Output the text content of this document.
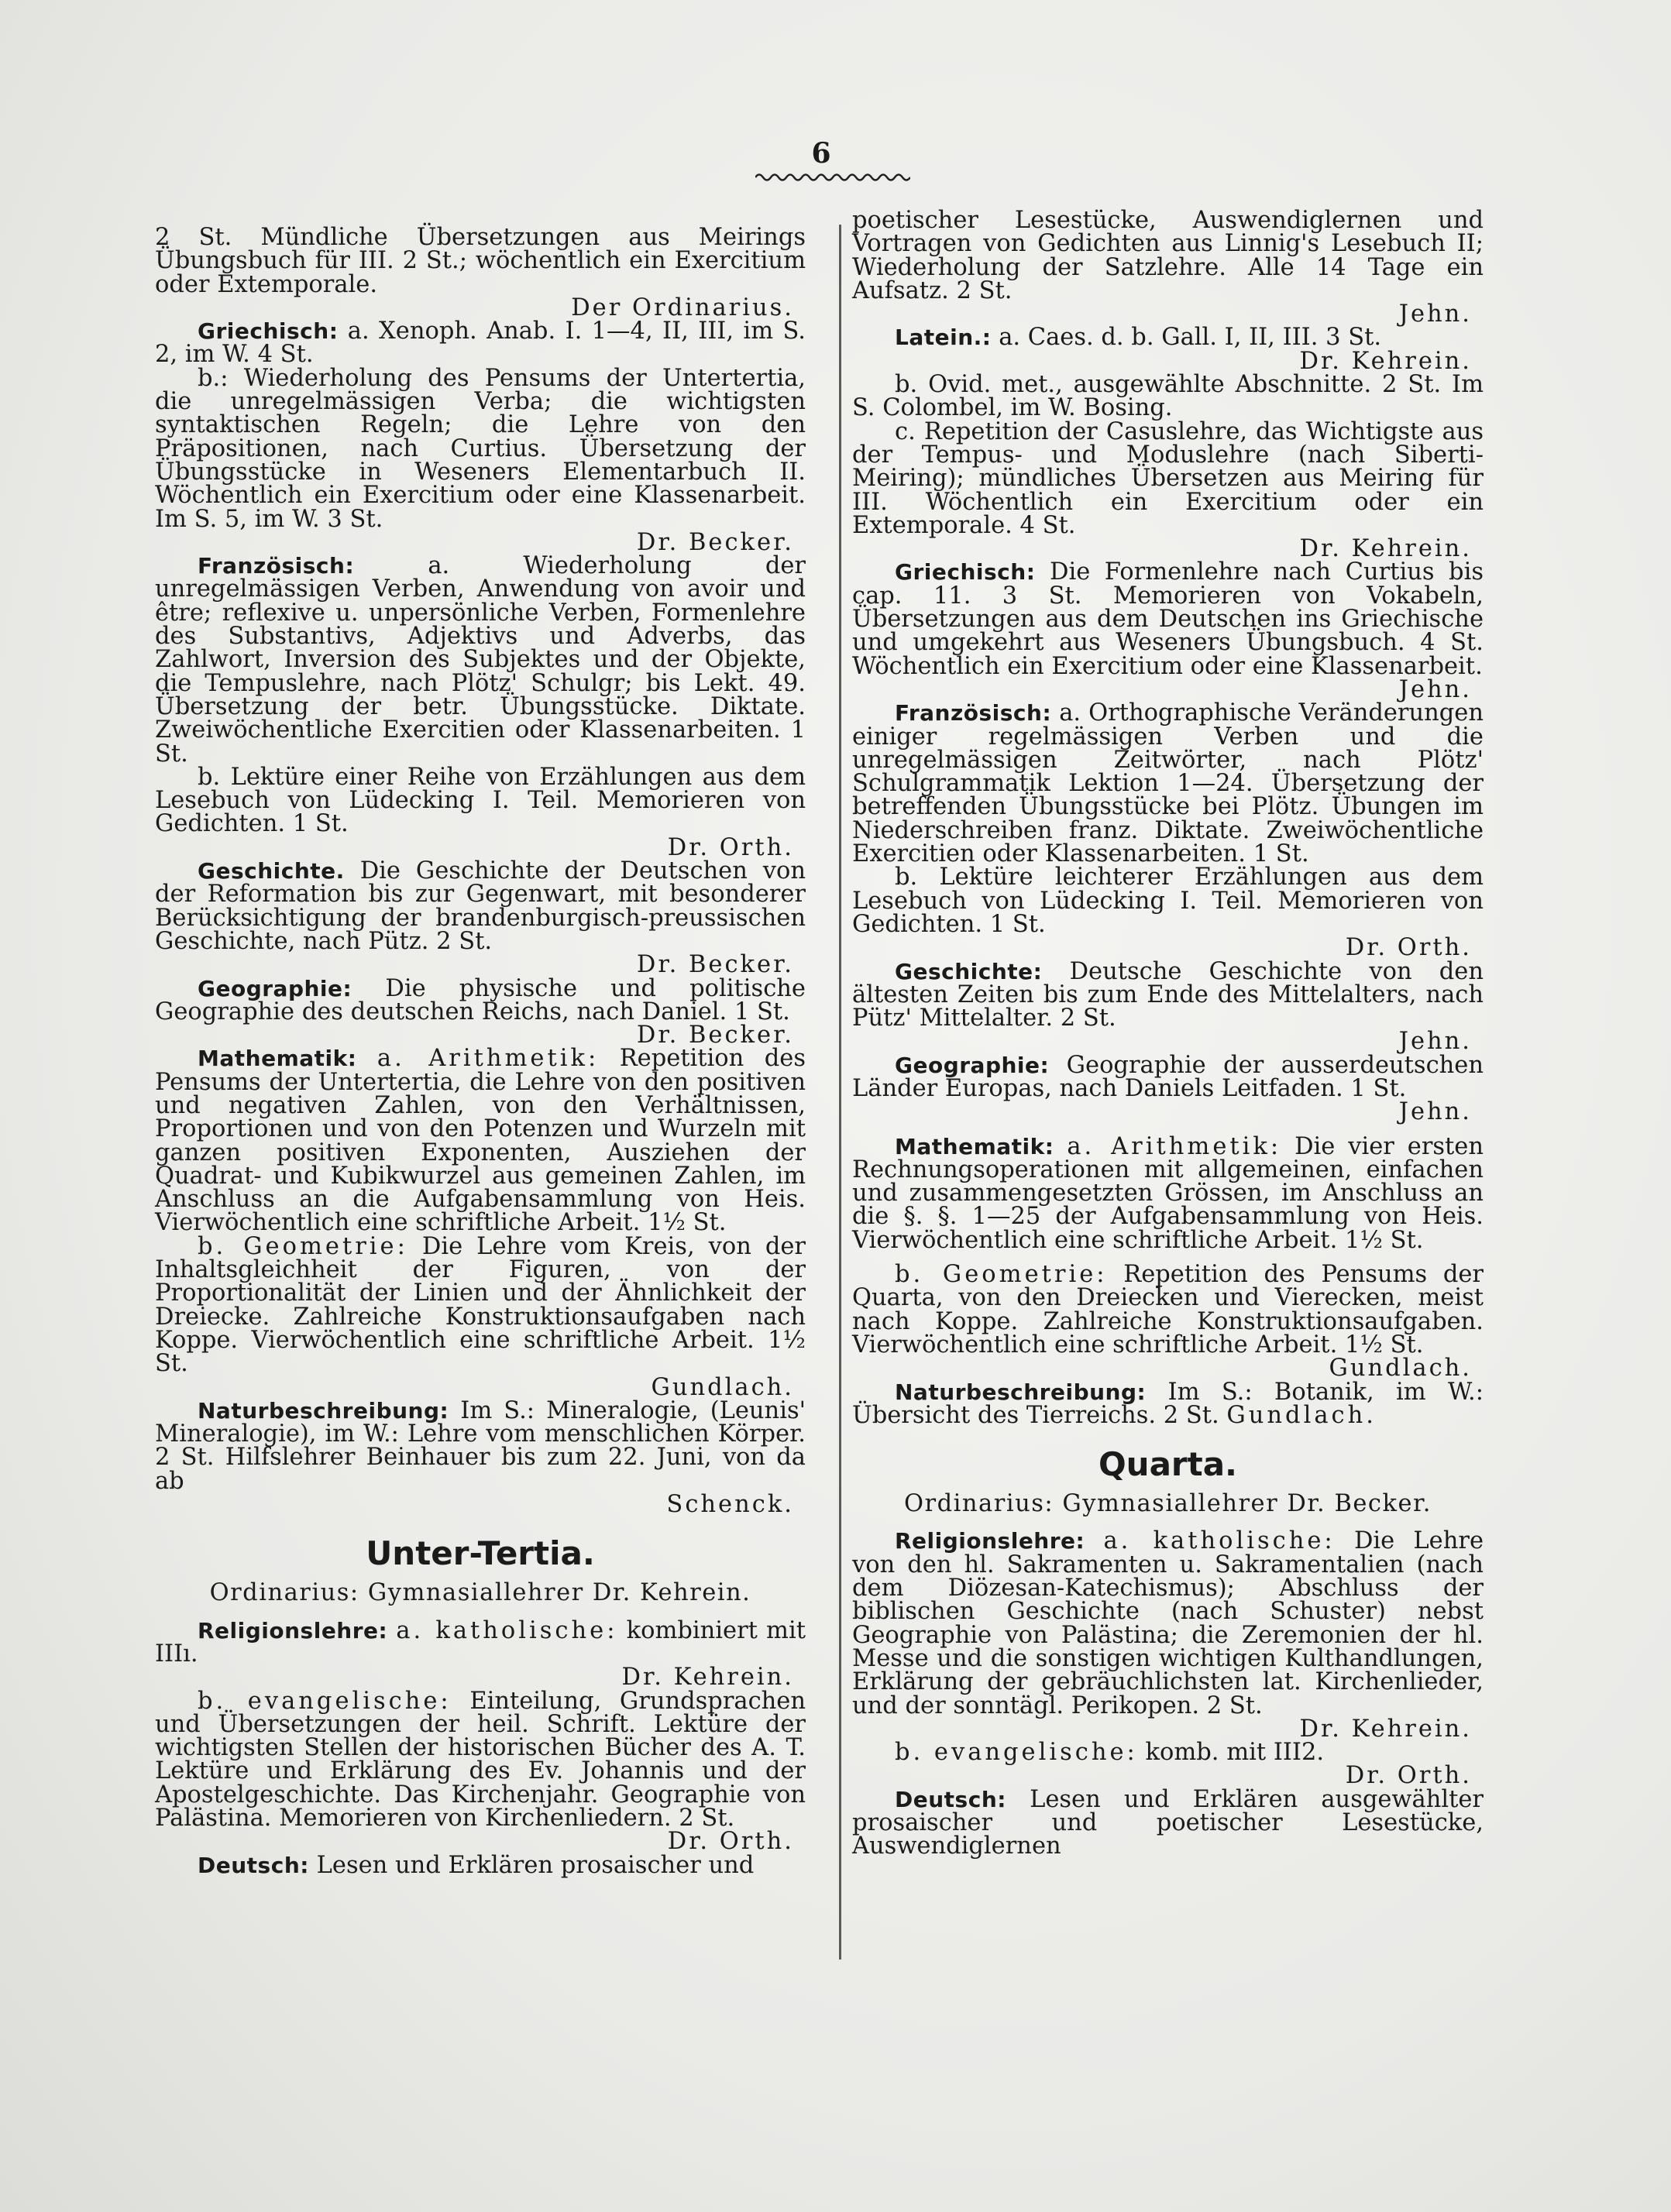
6

2 St. Mündliche Übersetzungen aus Meirings Übungsbuch für III. 2 St.; wöchentlich ein Exercitium oder Extemporale.

Der Ordinarius.

Griechisch: a. Xenoph. Anab. I. 1—4, II, III, im S. 2, im W. 4 St.

b.: Wiederholung des Pensums der Untertertia, die unregelmässigen Verba; die wichtigsten syntaktischen Regeln; die Lehre von den Präpositionen, nach Curtius. Übersetzung der Übungsstücke in Weseners Elementarbuch II. Wöchentlich ein Exercitium oder eine Klassenarbeit. Im S. 5, im W. 3 St.

Dr. Becker.

Französisch:	a. Wiederholung der unregelmässigen Verben, Anwendung von avoir und être; reflexive u. unpersönliche Verben, Formenlehre des Substantivs, Adjektivs und Adverbs, das Zahlwort, Inversion des Subjektes und der Objekte, die Tempuslehre, nach Plötz' Schulgr; bis Lekt. 49. Übersetzung der betr. Übungsstücke. Diktate. Zweiwöchentliche Exercitien oder Klassenarbeiten. 1 St.

b. Lektüre einer Reihe von Erzählungen aus dem Lesebuch von Lüdecking I. Teil. Memorieren von Gedichten. 1 St.

Dr. Orth.

Geschichte. Die Geschichte der Deutschen von der Reformation bis zur Gegenwart, mit besonderer Berücksichtigung der brandenburgisch-preussischen Geschichte, nach Pütz. 2 St.

Dr. Becker.

Geographie: Die physische und politische Geographie des deutschen Reichs, nach Daniel. 1 St.

Dr. Becker.

Mathematik: a. Arithmetik: Repetition des Pensums der Untertertia, die Lehre von den positiven und negativen Zahlen, von den Verhältnissen, Proportionen und von den Potenzen und Wurzeln mit ganzen positiven Exponenten, Ausziehen der Quadrat- und Kubikwurzel aus gemeinen Zahlen, im Anschluss an die Aufgabensammlung von Heis. Vierwöchentlich eine schriftliche Arbeit. 1½ St.

b. Geometrie: Die Lehre vom Kreis, von der Inhaltsgleichheit der Figuren, von der Proportionalität der Linien und der Ähnlichkeit der Dreiecke. Zahlreiche Konstruktionsaufgaben nach Koppe. Vierwöchentlich eine schriftliche Arbeit. 1½ St.

Gundlach.

Naturbeschreibung: Im S.: Mineralogie, (Leunis' Mineralogie), im W.: Lehre vom menschlichen Körper. 2 St. Hilfslehrer Beinhauer bis zum 22. Juni, von da ab

Schenck.

Unter-Tertia.

Ordinarius: Gymnasiallehrer Dr. Kehrein.

Religionslehre: a. katholische: kombiniert mit IIIı.

Dr. Kehrein.

b. evangelische: Einteilung, Grundsprachen und Übersetzungen der heil. Schrift. Lektüre der wichtigsten Stellen der historischen Bücher des A. T. Lektüre und Erklärung des Ev. Johannis und der Apostelgeschichte. Das Kirchenjahr. Geographie von Palästina. Memorieren von Kirchenliedern. 2 St.

Dr. Orth.

Deutsch: Lesen und Erklären prosaischer und

poetischer Lesestücke, Auswendiglernen und Vortragen von Gedichten aus Linnig's Lesebuch II; Wiederholung der Satzlehre. Alle 14 Tage ein Aufsatz. 2 St.

Jehn.

Latein.: a. Caes. d. b. Gall. I, II, III. 3 St.

Dr. Kehrein.

b. Ovid. met., ausgewählte Abschnitte. 2 St. Im S. Colombel, im W. Bosing.

c. Repetition der Casuslehre, das Wichtigste aus der Tempus- und Moduslehre (nach Siberti-Meiring); mündliches Übersetzen aus Meiring für III. Wöchentlich ein Exercitium oder ein Extemporale. 4 St.

Dr. Kehrein.

Griechisch: Die Formenlehre nach Curtius bis cap. 11. 3 St. Memorieren von Vokabeln, Übersetzungen aus dem Deutschen ins Griechische und umgekehrt aus Weseners Übungsbuch. 4 St. Wöchentlich ein Exercitium oder eine Klassenarbeit.

Jehn.

Französisch: a. Orthographische Veränderungen einiger regelmässigen Verben und die unregelmässigen Zeitwörter, nach Plötz' Schulgrammatik Lektion 1—24. Übersetzung der betreffenden Übungsstücke bei Plötz. Übungen im Niederschreiben franz. Diktate. Zweiwöchentliche Exercitien oder Klassenarbeiten. 1 St.

b. Lektüre leichterer Erzählungen aus dem Lesebuch von Lüdecking I. Teil. Memorieren von Gedichten. 1 St.

Dr. Orth.

Geschichte: Deutsche Geschichte von den ältesten Zeiten bis zum Ende des Mittelalters, nach Pütz' Mittelalter. 2 St.

Jehn.

Geographie: Geographie der ausserdeutschen Länder Europas, nach Daniels Leitfaden. 1 St.

Jehn.

Mathematik: a. Arithmetik: Die vier ersten Rechnungsoperationen mit allgemeinen, einfachen und zusammengesetzten Grössen, im Anschluss an die §. §. 1—25 der Aufgabensammlung von Heis. Vierwöchentlich eine schriftliche Arbeit. 1½ St.

b. Geometrie: Repetition des Pensums der Quarta, von den Dreiecken und Vierecken, meist nach Koppe. Zahlreiche Konstruktionsaufgaben. Vierwöchentlich eine schriftliche Arbeit. 1½ St.

Gundlach.

Naturbeschreibung: Im S.: Botanik, im W.: Übersicht des Tierreichs. 2 St. Gundlach.

Quarta.

Ordinarius: Gymnasiallehrer Dr. Becker.

Religionslehre: a. katholische: Die Lehre von den hl. Sakramenten u. Sakramentalien (nach dem Diözesan-Katechismus); Abschluss der biblischen Geschichte (nach Schuster) nebst Geographie von Palästina; die Zeremonien der hl. Messe und die sonstigen wichtigen Kulthandlungen, Erklärung der gebräuchlichsten lat. Kirchenlieder, und der sonntägl. Perikopen. 2 St.

Dr. Kehrein.

b. evangelische: komb. mit III2.

Dr. Orth.

Deutsch: Lesen und Erklären ausgewählter prosaischer und poetischer Lesestücke, Auswendiglernen
